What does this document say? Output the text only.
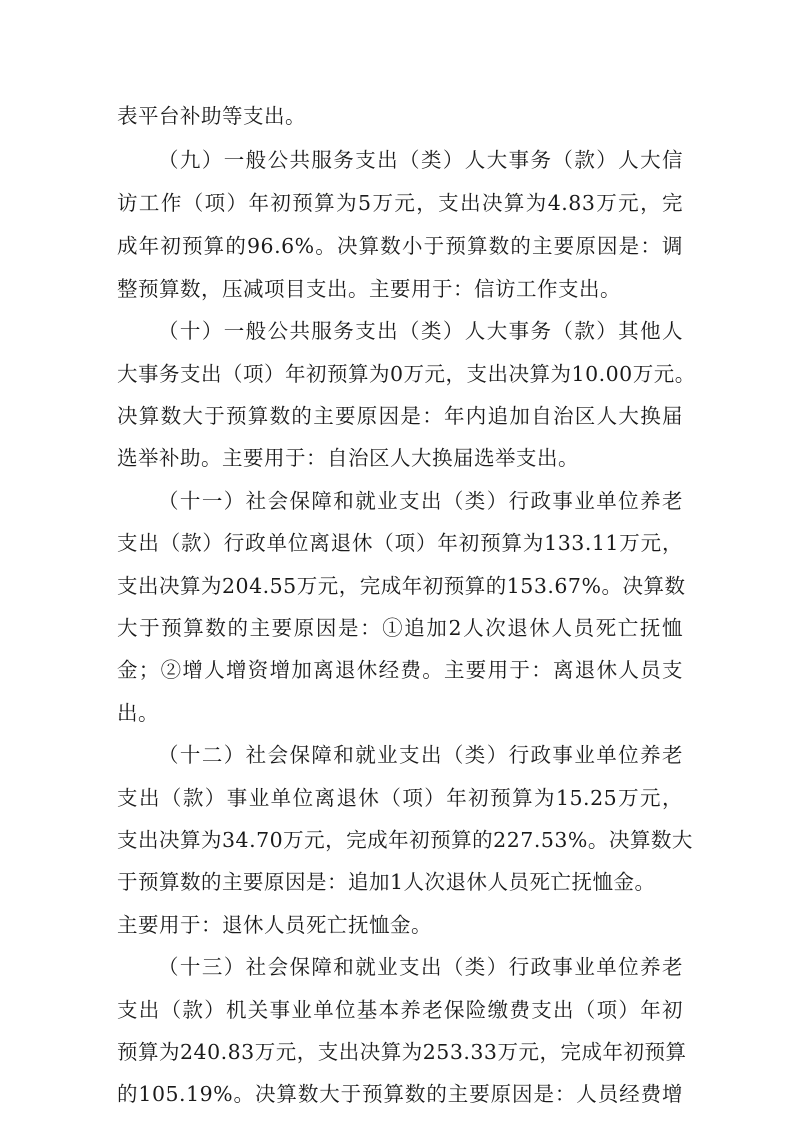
表平台补助等支出。
（九）一般公共服务支出（类）人大事务（款）人大信
访工作（项）年初预算为5万元，支出决算为4.83万元，完
成年初预算的96.6%。决算数小于预算数的主要原因是：调
整预算数，压减项目支出。主要用于：信访工作支出。
（十）一般公共服务支出（类）人大事务（款）其他人
大事务支出（项）年初预算为0万元，支出决算为10.00万元。
决算数大于预算数的主要原因是：年内追加自治区人大换届
选举补助。主要用于：自治区人大换届选举支出。
（十一）社会保障和就业支出（类）行政事业单位养老
支出（款）行政单位离退休（项）年初预算为133.11万元，
支出决算为204.55万元，完成年初预算的153.67%。决算数
大于预算数的主要原因是：①追加2人次退休人员死亡抚恤
金；②增人增资增加离退休经费。主要用于：离退休人员支
出。
（十二）社会保障和就业支出（类）行政事业单位养老
支出（款）事业单位离退休（项）年初预算为15.25万元，
支出决算为34.70万元，完成年初预算的227.53%。决算数大
于预算数的主要原因是：追加1人次退休人员死亡抚恤金。
主要用于：退休人员死亡抚恤金。
（十三）社会保障和就业支出（类）行政事业单位养老
支出（款）机关事业单位基本养老保险缴费支出（项）年初
预算为240.83万元，支出决算为253.33万元，完成年初预算
的105.19%。决算数大于预算数的主要原因是：人员经费增
